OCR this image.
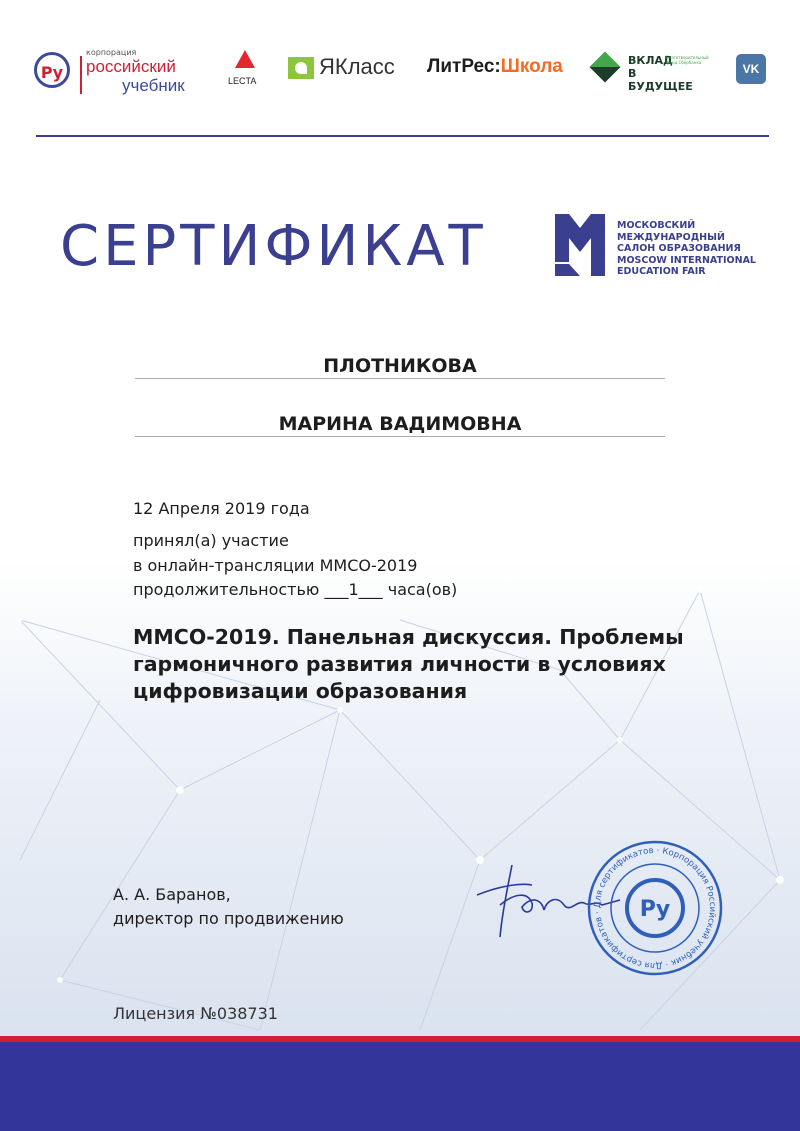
Ру
корпорация
российский
учебник	LECTA
ЯКласс ЛитРес:Школа	ВКЛАД
В БУДУЩЕЕ
Благотворительный фонд Сбербанка	VK
СЕРТИФИКАТ	МОСКОВСКИЙ
МЕЖДУНАРОДНЫЙ
САЛОН ОБРАЗОВАНИЯ
MOSCOW INTERNATIONAL
EDUCATION FAIR
ПЛОТНИКОВА
МАРИНА ВАДИМОВНА
12 Апреля 2019 года
принял(а) участие
в онлайн-трансляции ММСО-2019
продолжительностью ___1___ часа(ов)
ММСО-2019. Панельная дискуссия. Проблемы гармоничного развития личности в условиях цифровизации образования
А. А. Баранов,
директор по продвижению
Для сертификатов · Корпорация Российский учебник · Для сертификатов ·	Ру
Лицензия №038731
